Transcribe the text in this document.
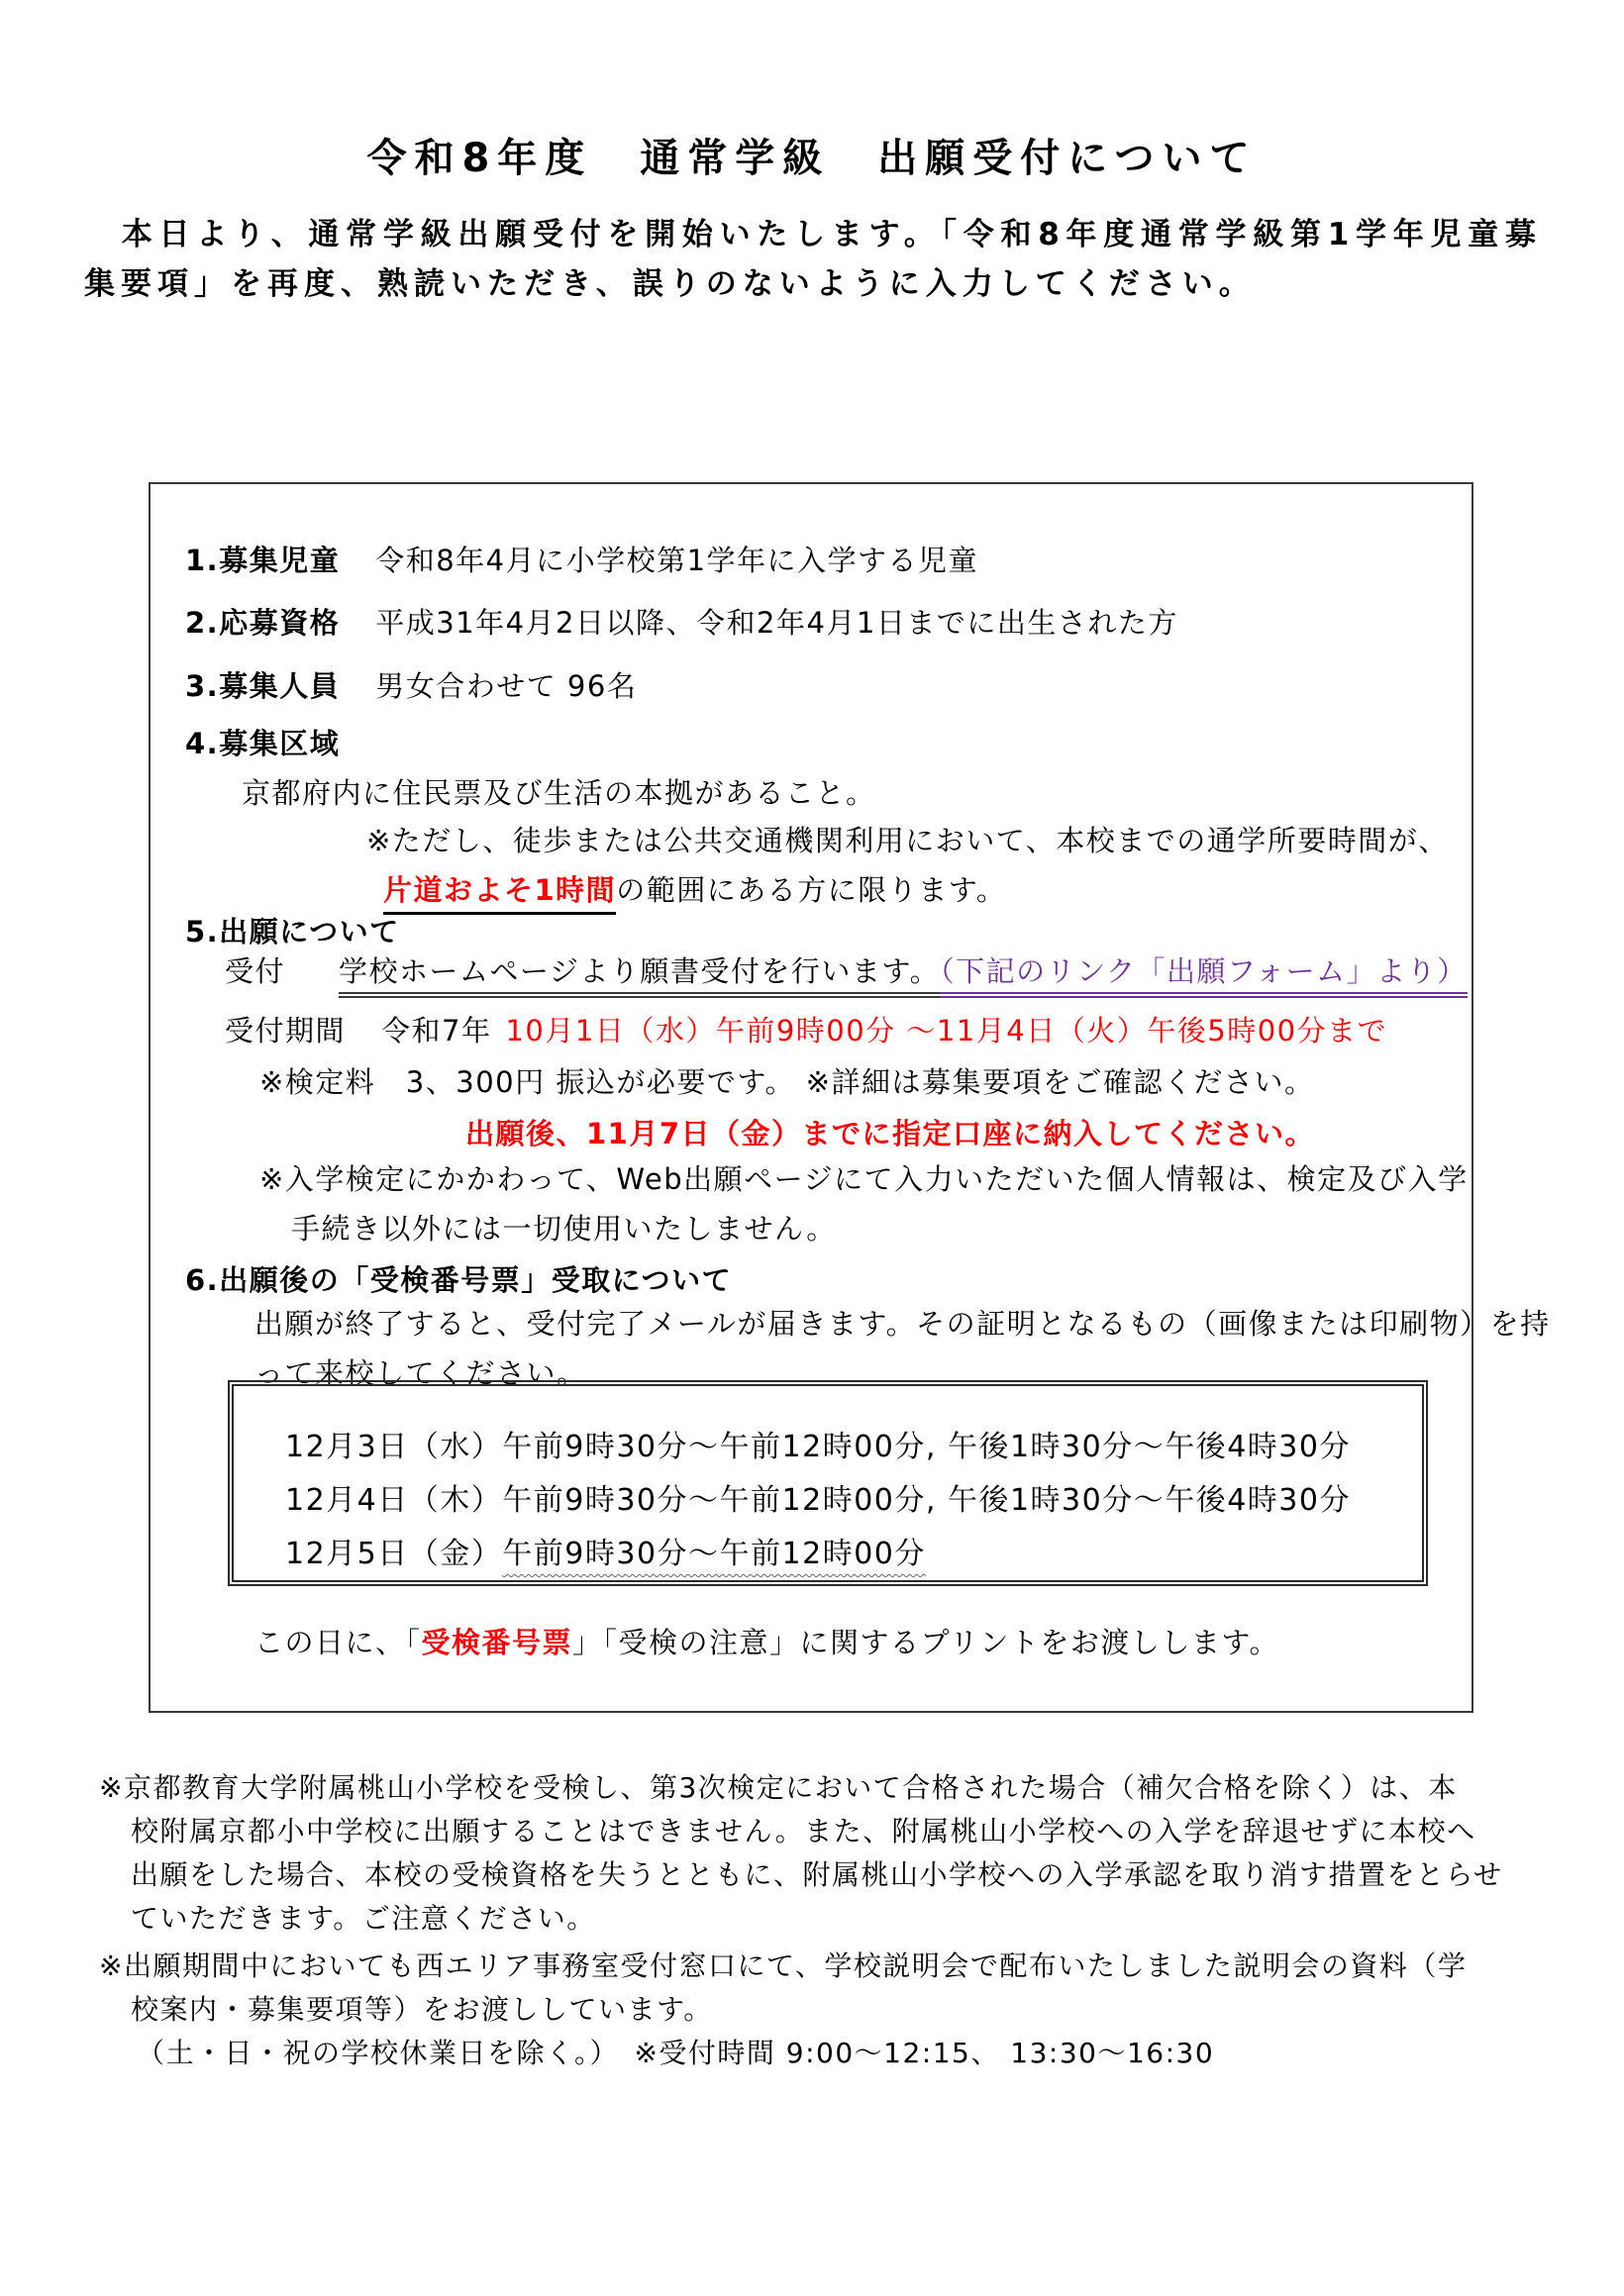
令和8年度　通常学級　出願受付について
　本日より、通常学級出願受付を開始いたします。「令和8年度通常学級第1学年児童募集要項」を再度、熟読いただき、誤りのないように入力してください。
1.募集児童 令和8年4月に小学校第1学年に入学する児童
2.応募資格 平成31年4月2日以降、令和2年4月1日までに出生された方
3.募集人員 男女合わせて 96名
4.募集区域
京都府内に住民票及び生活の本拠があること。
※ただし、徒歩または公共交通機関利用において、本校までの通学所要時間が、
片道およそ1時間の範囲にある方に限ります。
5.出願について
受付 学校ホームページより願書受付を行います。（下記のリンク「出願フォーム」より）
受付期間 令和7年 10月1日（水）午前9時00分 ～11月4日（火）午後5時00分まで
※検定料　3、300円 振込が必要です。 ※詳細は募集要項をご確認ください。
出願後、11月7日（金）までに指定口座に納入してください。
※入学検定にかかわって、Web出願ページにて入力いただいた個人情報は、検定及び入学
手続き以外には一切使用いたしません。
6.出願後の「受検番号票」受取について
出願が終了すると、受付完了メールが届きます。その証明となるもの（画像または印刷物）を持
って来校してください。
12月3日（水）午前9時30分～午前12時00分, 午後1時30分～午後4時30分
12月4日（木）午前9時30分～午前12時00分, 午後1時30分～午後4時30分
12月5日（金）午前9時30分～午前12時00分
この日に、「受検番号票」「受検の注意」に関するプリントをお渡しします。
※京都教育大学附属桃山小学校を受検し、第3次検定において合格された場合（補欠合格を除く）は、本
校附属京都小中学校に出願することはできません。また、附属桃山小学校への入学を辞退せずに本校へ
出願をした場合、本校の受検資格を失うとともに、附属桃山小学校への入学承認を取り消す措置をとらせ
ていただきます。ご注意ください。
※出願期間中においても西エリア事務室受付窓口にて、学校説明会で配布いたしました説明会の資料（学
校案内・募集要項等）をお渡ししています。
（土・日・祝の学校休業日を除く。）　※受付時間 9:00～12:15、 13:30～16:30
